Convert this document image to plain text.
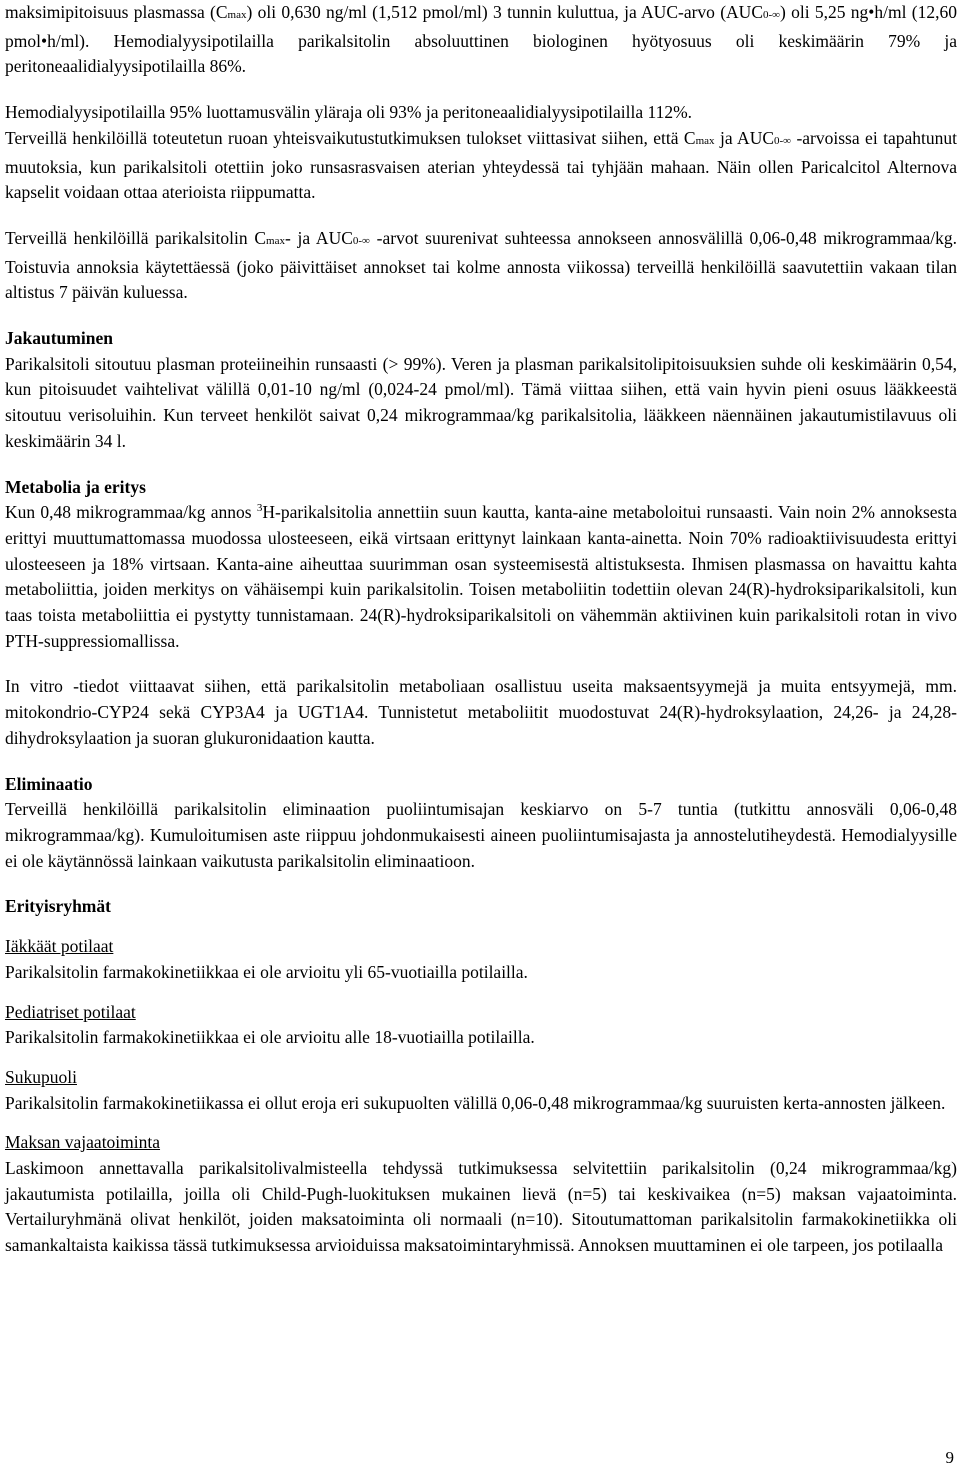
maksimipitoisuus plasmassa (Cmax) oli 0,630 ng/ml (1,512 pmol/ml) 3 tunnin kuluttua, ja AUC-arvo (AUC0-∞) oli 5,25 ng•h/ml (12,60 pmol•h/ml). Hemodialyysipotilailla parikalsitolin absoluuttinen biologinen hyötyosuus oli keskimäärin 79% ja peritoneaalidialyysipotilailla 86%.

Hemodialyysipotilailla 95% luottamusvälin yläraja oli 93% ja peritoneaalidialyysipotilailla 112%.

Terveillä henkilöillä toteutetun ruoan yhteisvaikutustutkimuksen tulokset viittasivat siihen, että Cmax ja AUC0-∞ -arvoissa ei tapahtunut muutoksia, kun parikalsitoli otettiin joko runsasrasvaisen aterian yhteydessä tai tyhjään mahaan. Näin ollen Paricalcitol Alternova kapselit voidaan ottaa aterioista riippumatta.

Terveillä henkilöillä parikalsitolin Cmax- ja AUC0-∞ -arvot suurenivat suhteessa annokseen annosvälillä 0,06-0,48 mikrogrammaa/kg. Toistuvia annoksia käytettäessä (joko päivittäiset annokset tai kolme annosta viikossa) terveillä henkilöillä saavutettiin vakaan tilan altistus 7 päivän kuluessa.

Jakautuminen

Parikalsitoli sitoutuu plasman proteiineihin runsaasti (> 99%). Veren ja plasman parikalsitolipitoisuuksien suhde oli keskimäärin 0,54, kun pitoisuudet vaihtelivat välillä 0,01-10 ng/ml (0,024-24 pmol/ml). Tämä viittaa siihen, että vain hyvin pieni osuus lääkkeestä sitoutuu verisoluihin. Kun terveet henkilöt saivat 0,24 mikrogrammaa/kg parikalsitolia, lääkkeen näennäinen jakautumistilavuus oli keskimäärin 34 l.

Metabolia ja eritys

Kun 0,48 mikrogrammaa/kg annos $^3$H-parikalsitolia annettiin suun kautta, kanta-aine metaboloitui runsaasti. Vain noin 2% annoksesta erittyi muuttumattomassa muodossa ulosteeseen, eikä virtsaan erittynyt lainkaan kanta-ainetta. Noin 70% radioaktiivisuudesta erittyi ulosteeseen ja 18% virtsaan. Kanta-aine aiheuttaa suurimman osan systeemisestä altistuksesta. Ihmisen plasmassa on havaittu kahta metaboliittia, joiden merkitys on vähäisempi kuin parikalsitolin. Toisen metaboliitin todettiin olevan 24(R)-hydroksiparikalsitoli, kun taas toista metaboliittia ei pystytty tunnistamaan. 24(R)-hydroksiparikalsitoli on vähemmän aktiivinen kuin parikalsitoli rotan in vivo PTH-suppressiomallissa.

In vitro -tiedot viittaavat siihen, että parikalsitolin metaboliaan osallistuu useita maksaentsyymejä ja muita entsyymejä, mm. mitokondrio-CYP24 sekä CYP3A4 ja UGT1A4. Tunnistetut metaboliitit muodostuvat 24(R)-hydroksylaation, 24,26- ja 24,28-dihydroksylaation ja suoran glukuronidaation kautta.

Eliminaatio

Terveillä henkilöillä parikalsitolin eliminaation puoliintumisajan keskiarvo on 5-7 tuntia (tutkittu annosväli 0,06-0,48 mikrogrammaa/kg). Kumuloitumisen aste riippuu johdonmukaisesti aineen puoliintumisajasta ja annostelutiheydestä. Hemodialyysille ei ole käytännössä lainkaan vaikutusta parikalsitolin eliminaatioon.

Erityisryhmät
Iäkkäät potilaat

Parikalsitolin farmakokinetiikkaa ei ole arvioitu yli 65-vuotiailla potilailla.

Pediatriset potilaat

Parikalsitolin farmakokinetiikkaa ei ole arvioitu alle 18-vuotiailla potilailla.

Sukupuoli

Parikalsitolin farmakokinetiikassa ei ollut eroja eri sukupuolten välillä 0,06-0,48 mikrogrammaa/kg suuruisten kerta-annosten jälkeen.

Maksan vajaatoiminta

Laskimoon annettavalla parikalsitolivalmisteella tehdyssä tutkimuksessa selvitettiin parikalsitolin (0,24 mikrogrammaa/kg) jakautumista potilailla, joilla oli Child-Pugh-luokituksen mukainen lievä (n=5) tai keskivaikea (n=5) maksan vajaatoiminta. Vertailuryhmänä olivat henkilöt, joiden maksatoiminta oli normaali (n=10). Sitoutumattoman parikalsitolin farmakokinetiikka oli samankaltaista kaikissa tässä tutkimuksessa arvioiduissa maksatoimintaryhmissä. Annoksen muuttaminen ei ole tarpeen, jos potilaalla

9
